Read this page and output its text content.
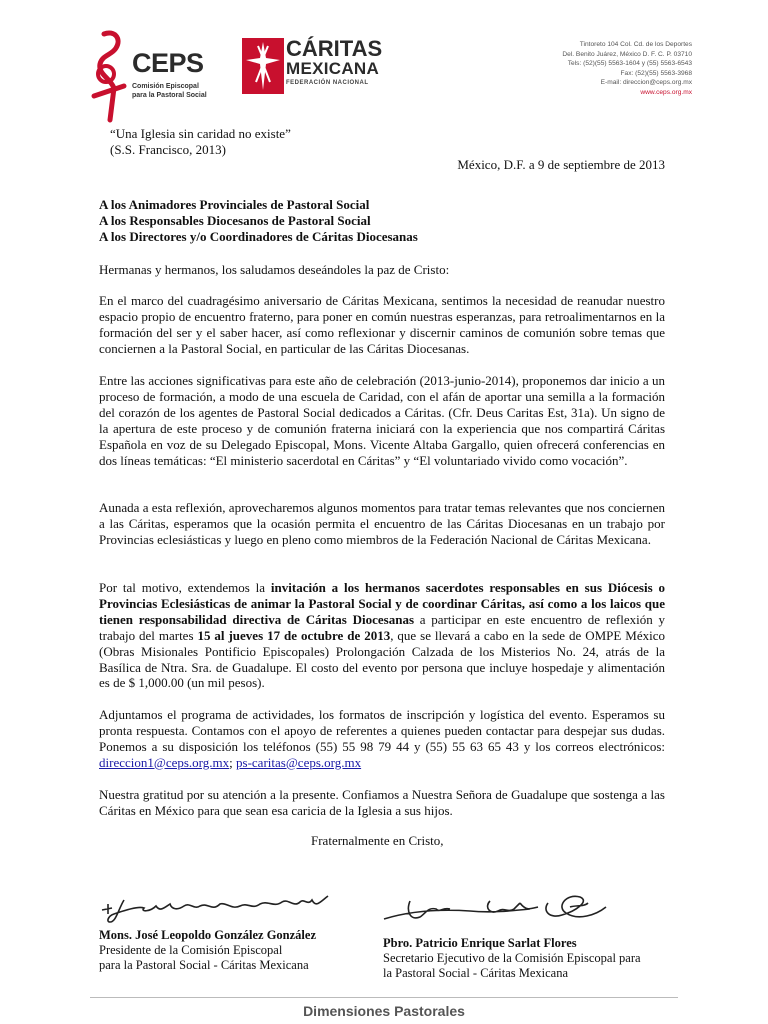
CEPS
Comisión Episcopal
para la Pastoral Social
CÁRITAS
MEXICANA
FEDERACIÓN NACIONAL
Tintoreto 104 Col. Cd. de los Deportes
Del. Benito Juárez, México D. F. C. P. 03710
Tels: (52)(55) 5563-1604 y (55) 5563-6543
Fax: (52)(55) 5563-3968
E-mail: direccion@ceps.org.mx
www.ceps.org.mx
“Una Iglesia sin caridad no existe”
(S.S. Francisco, 2013)
México, D.F. a 9 de septiembre de 2013
A los Animadores Provinciales de Pastoral Social
A los Responsables Diocesanos de Pastoral Social
A los Directores y/o Coordinadores de Cáritas Diocesanas
Hermanas y hermanos, los saludamos deseándoles la paz de Cristo:
En el marco del cuadragésimo aniversario de Cáritas Mexicana, sentimos la necesidad de reanudar nuestro espacio propio de encuentro fraterno, para poner en común nuestras esperanzas, para retroalimentarnos en la formación del ser y el saber hacer, así como reflexionar y discernir caminos de comunión sobre temas que conciernen a la Pastoral Social, en particular de las Cáritas Diocesanas.
Entre las acciones significativas para este año de celebración (2013-junio-2014), proponemos dar inicio a un proceso de formación, a modo de una escuela de Caridad, con el afán de aportar una semilla a la formación del corazón de los agentes de Pastoral Social dedicados a Cáritas. (Cfr. Deus Caritas Est, 31a). Un signo de la apertura de este proceso y de comunión fraterna iniciará con la experiencia que nos compartirá Cáritas Española en voz de su Delegado Episcopal, Mons. Vicente Altaba Gargallo, quien ofrecerá conferencias en dos líneas temáticas: “El ministerio sacerdotal en Cáritas” y “El voluntariado vivido como vocación”.
Aunada a esta reflexión, aprovecharemos algunos momentos para tratar temas relevantes que nos conciernen a las Cáritas, esperamos que la ocasión permita el encuentro de las Cáritas Diocesanas en un trabajo por Provincias eclesiásticas y luego en pleno como miembros de la Federación Nacional de Cáritas Mexicana.
Por tal motivo, extendemos la invitación a los hermanos sacerdotes responsables en sus Diócesis o Provincias Eclesiásticas de animar la Pastoral Social y de coordinar Cáritas, así como a los laicos que tienen responsabilidad directiva de Cáritas Diocesanas a participar en este encuentro de reflexión y trabajo del martes 15 al jueves 17 de octubre de 2013, que se llevará a cabo en la sede de OMPE México (Obras Misionales Pontificio Episcopales) Prolongación Calzada de los Misterios No. 24, atrás de la Basílica de Ntra. Sra. de Guadalupe. El costo del evento por persona que incluye hospedaje y alimentación es de $ 1,000.00 (un mil pesos).
Adjuntamos el programa de actividades, los formatos de inscripción y logística del evento. Esperamos su pronta respuesta. Contamos con el apoyo de referentes a quienes pueden contactar para despejar sus dudas. Ponemos a su disposición los teléfonos (55) 55 98 79 44 y (55) 55 63 65 43 y los correos electrónicos: direccion1@ceps.org.mx; ps-caritas@ceps.org.mx
Nuestra gratitud por su atención a la presente. Confiamos a Nuestra Señora de Guadalupe que sostenga a las Cáritas en México para que sean esa caricia de la Iglesia a sus hijos.
Fraternalmente en Cristo,
Mons. José Leopoldo González González
Presidente de la Comisión Episcopal
para la Pastoral Social - Cáritas Mexicana
Pbro. Patricio Enrique Sarlat Flores
Secretario Ejecutivo de la Comisión Episcopal para
la Pastoral Social - Cáritas Mexicana
Dimensiones Pastorales
